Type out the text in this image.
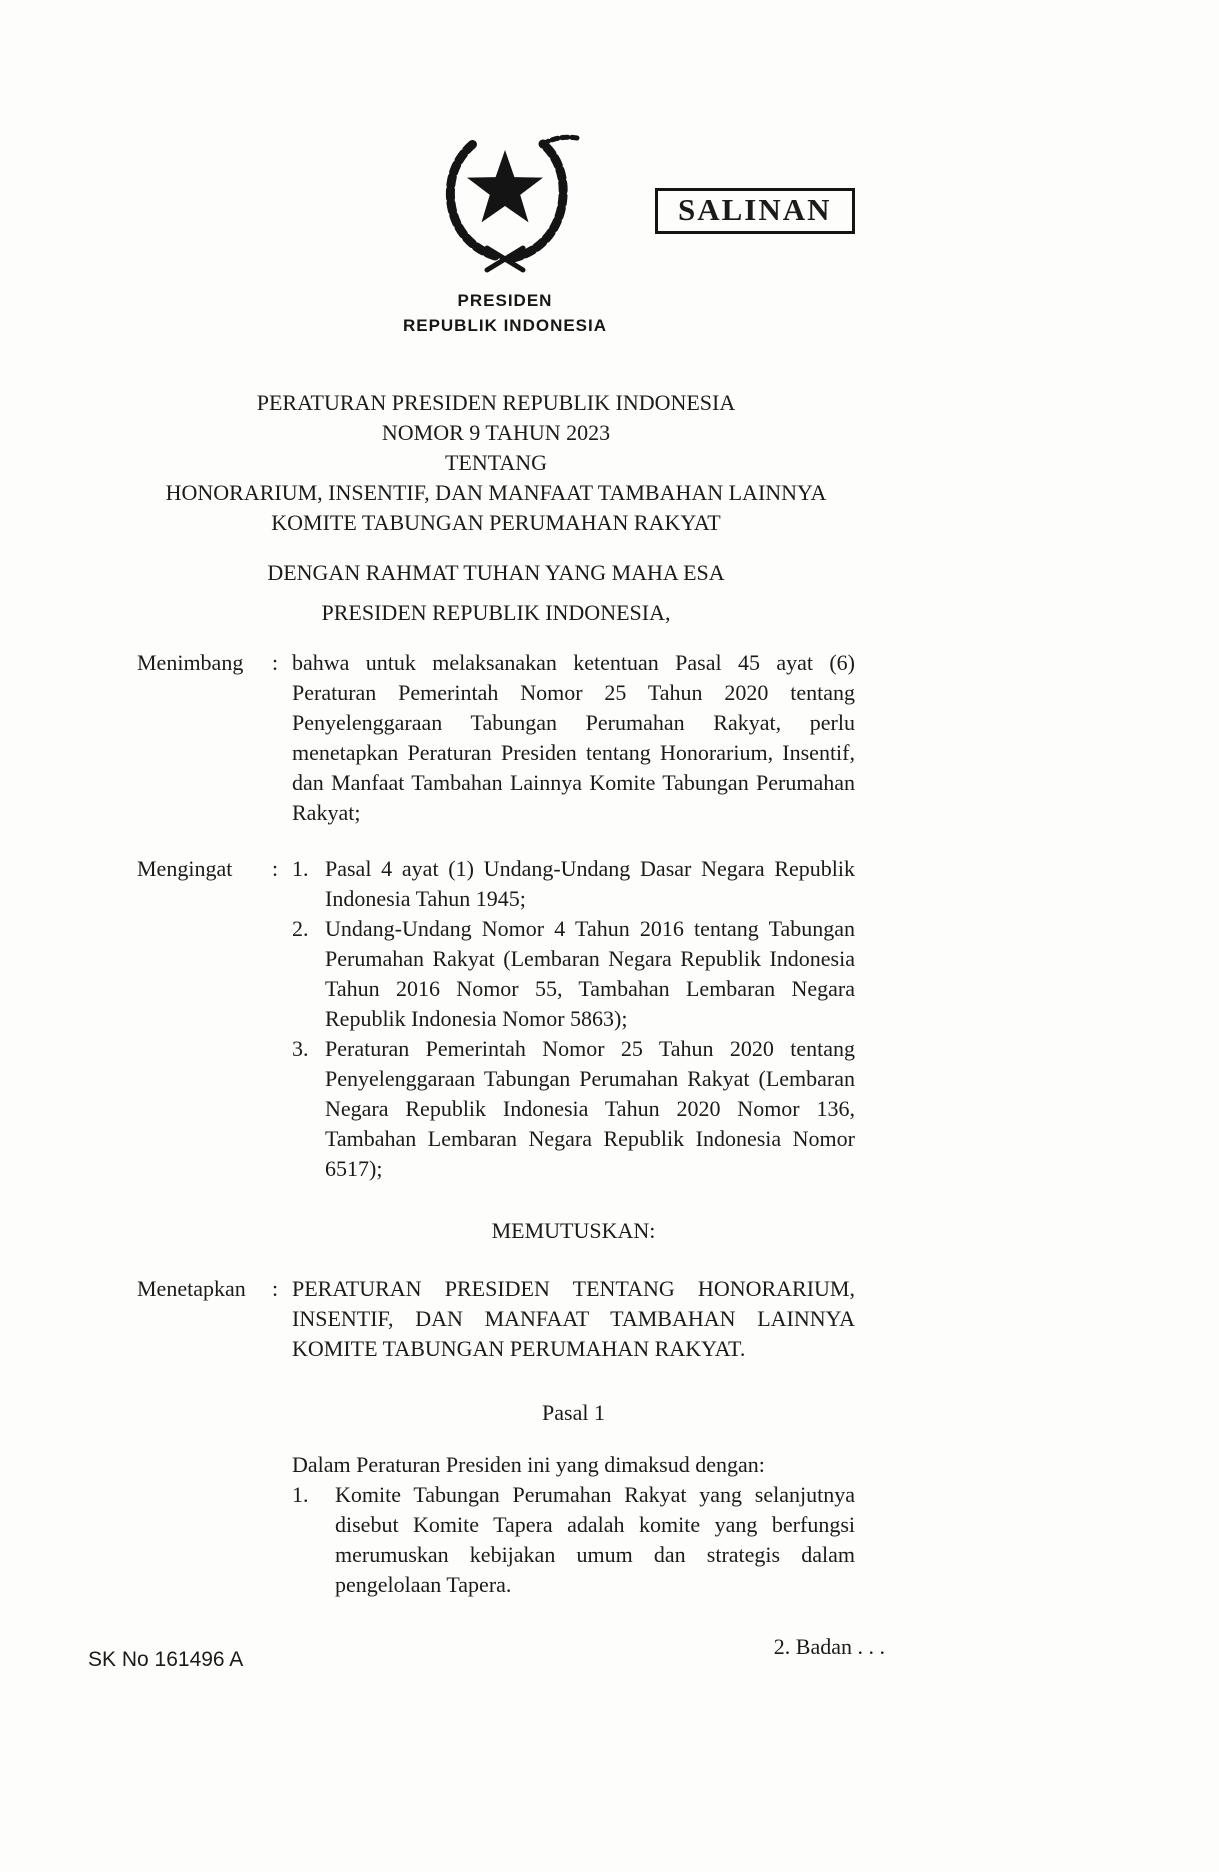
PRESIDEN
REPUBLIK INDONESIA
SALINAN
PERATURAN PRESIDEN REPUBLIK INDONESIA
NOMOR 9 TAHUN 2023
TENTANG
HONORARIUM, INSENTIF, DAN MANFAAT TAMBAHAN LAINNYA
KOMITE TABUNGAN PERUMAHAN RAKYAT
DENGAN RAHMAT TUHAN YANG MAHA ESA
PRESIDEN REPUBLIK INDONESIA,
Menimbang	: bahwa untuk melaksanakan ketentuan Pasal 45 ayat (6) Peraturan Pemerintah Nomor 25 Tahun 2020 tentang Penyelenggaraan Tabungan Perumahan Rakyat, perlu menetapkan Peraturan Presiden tentang Honorarium, Insentif, dan Manfaat Tambahan Lainnya Komite Tabungan Perumahan Rakyat;
Mengingat	: 1. Pasal 4 ayat (1) Undang-Undang Dasar Negara Republik Indonesia Tahun 1945;
2. Undang-Undang Nomor 4 Tahun 2016 tentang Tabungan Perumahan Rakyat (Lembaran Negara Republik Indonesia Tahun 2016 Nomor 55, Tambahan Lembaran Negara Republik Indonesia Nomor 5863);
3. Peraturan Pemerintah Nomor 25 Tahun 2020 tentang Penyelenggaraan Tabungan Perumahan Rakyat (Lembaran Negara Republik Indonesia Tahun 2020 Nomor 136, Tambahan Lembaran Negara Republik Indonesia Nomor 6517);
MEMUTUSKAN:
Menetapkan	: PERATURAN PRESIDEN TENTANG HONORARIUM, INSENTIF, DAN MANFAAT TAMBAHAN LAINNYA KOMITE TABUNGAN PERUMAHAN RAKYAT.
Pasal 1
Dalam Peraturan Presiden ini yang dimaksud dengan:
1.	Komite Tabungan Perumahan Rakyat yang selanjutnya disebut Komite Tapera adalah komite yang berfungsi merumuskan kebijakan umum dan strategis dalam pengelolaan Tapera.
2. Badan . . .
SK No 161496 A
